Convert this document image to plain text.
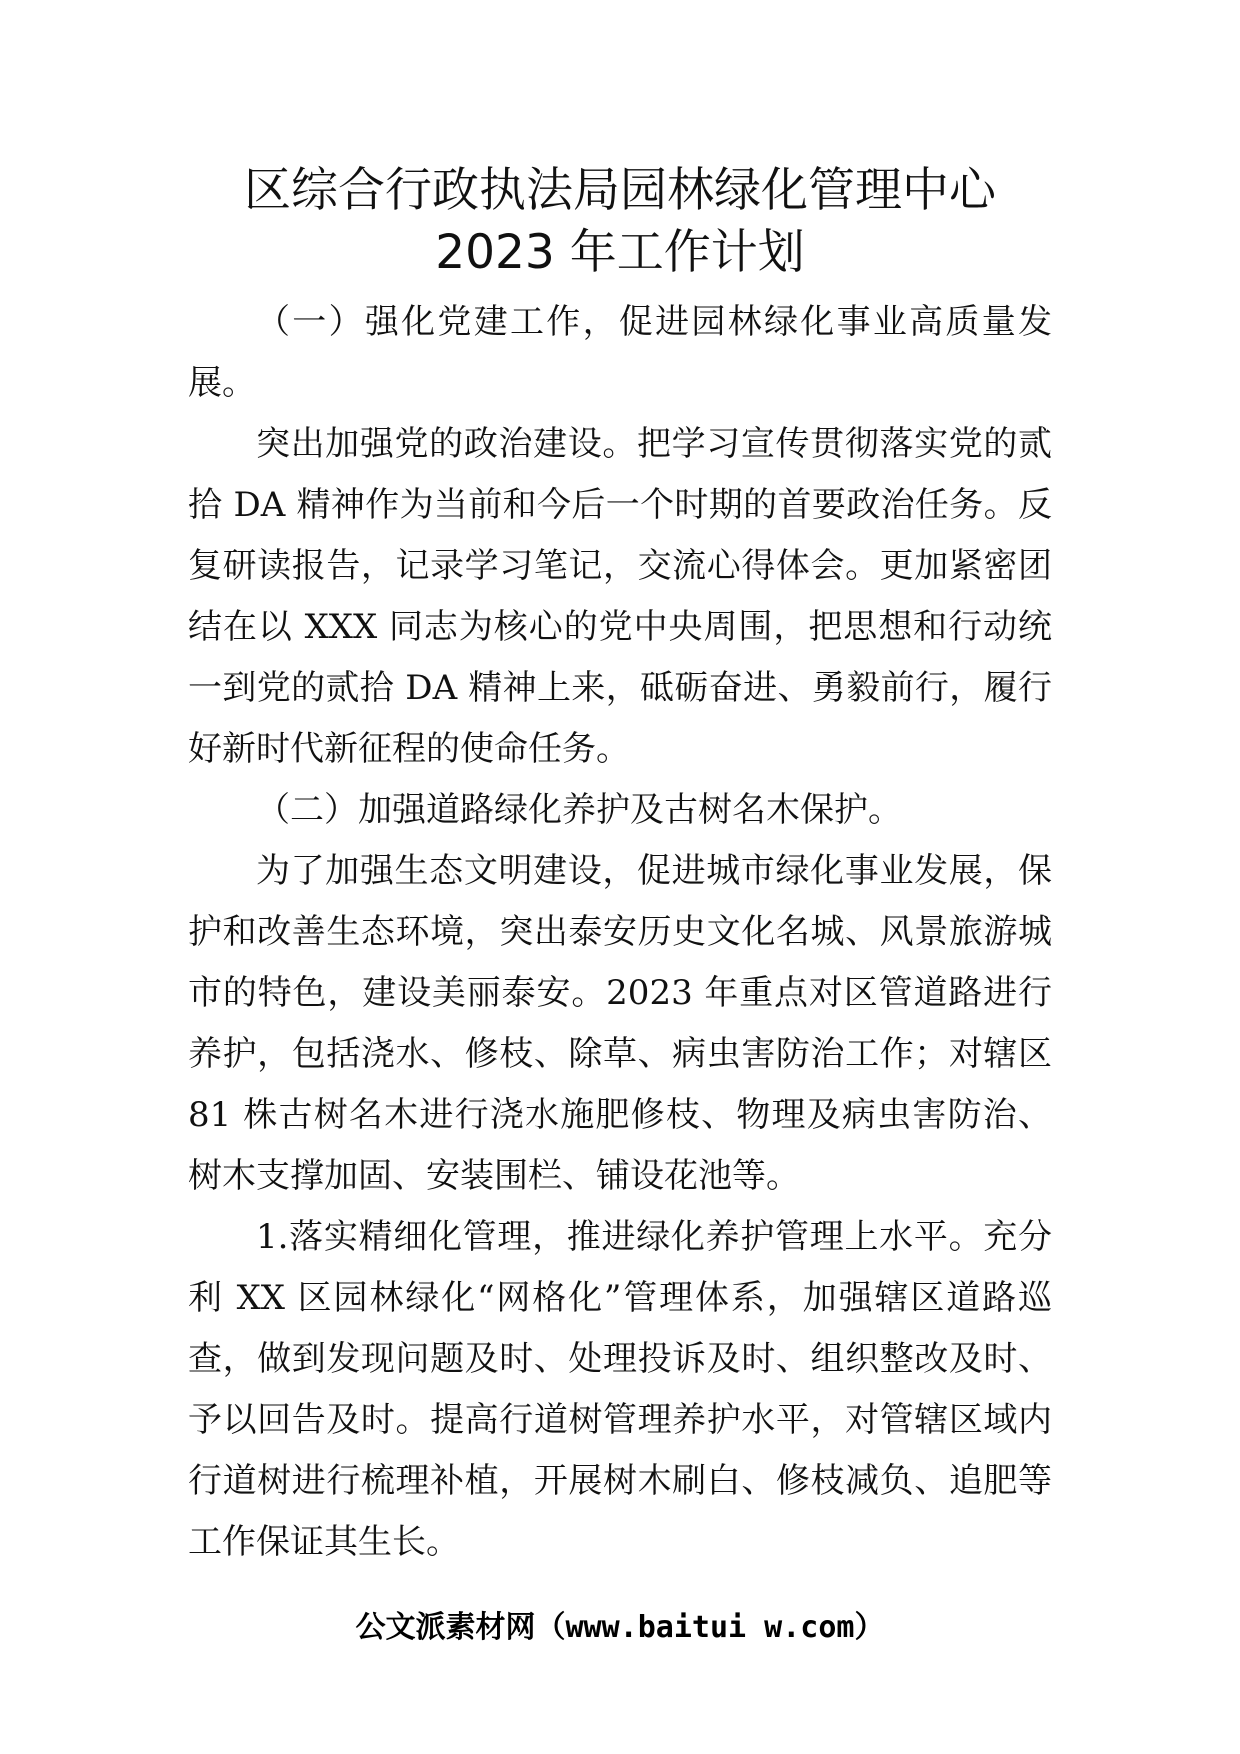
区综合行政执法局园林绿化管理中心
2023 年工作计划

（一）强化党建工作，促进园林绿化事业高质量发展。

突出加强党的政治建设。把学习宣传贯彻落实党的贰拾 DA 精神作为当前和今后一个时期的首要政治任务。反复研读报告，记录学习笔记，交流心得体会。更加紧密团结在以 XXX 同志为核心的党中央周围，把思想和行动统一到党的贰拾 DA 精神上来，砥砺奋进、勇毅前行，履行好新时代新征程的使命任务。

（二）加强道路绿化养护及古树名木保护。

为了加强生态文明建设，促进城市绿化事业发展，保护和改善生态环境，突出泰安历史文化名城、风景旅游城市的特色，建设美丽泰安。2023 年重点对区管道路进行养护，包括浇水、修枝、除草、病虫害防治工作；对辖区 81 株古树名木进行浇水施肥修枝、物理及病虫害防治、树木支撑加固、安装围栏、铺设花池等。

1.落实精细化管理，推进绿化养护管理上水平。充分利 XX 区园林绿化“网格化”管理体系，加强辖区道路巡查，做到发现问题及时、处理投诉及时、组织整改及时、予以回告及时。提高行道树管理养护水平，对管辖区域内行道树进行梳理补植，开展树木刷白、修枝减负、追肥等工作保证其生长。

公文派素材网（www.baitui w.com）
